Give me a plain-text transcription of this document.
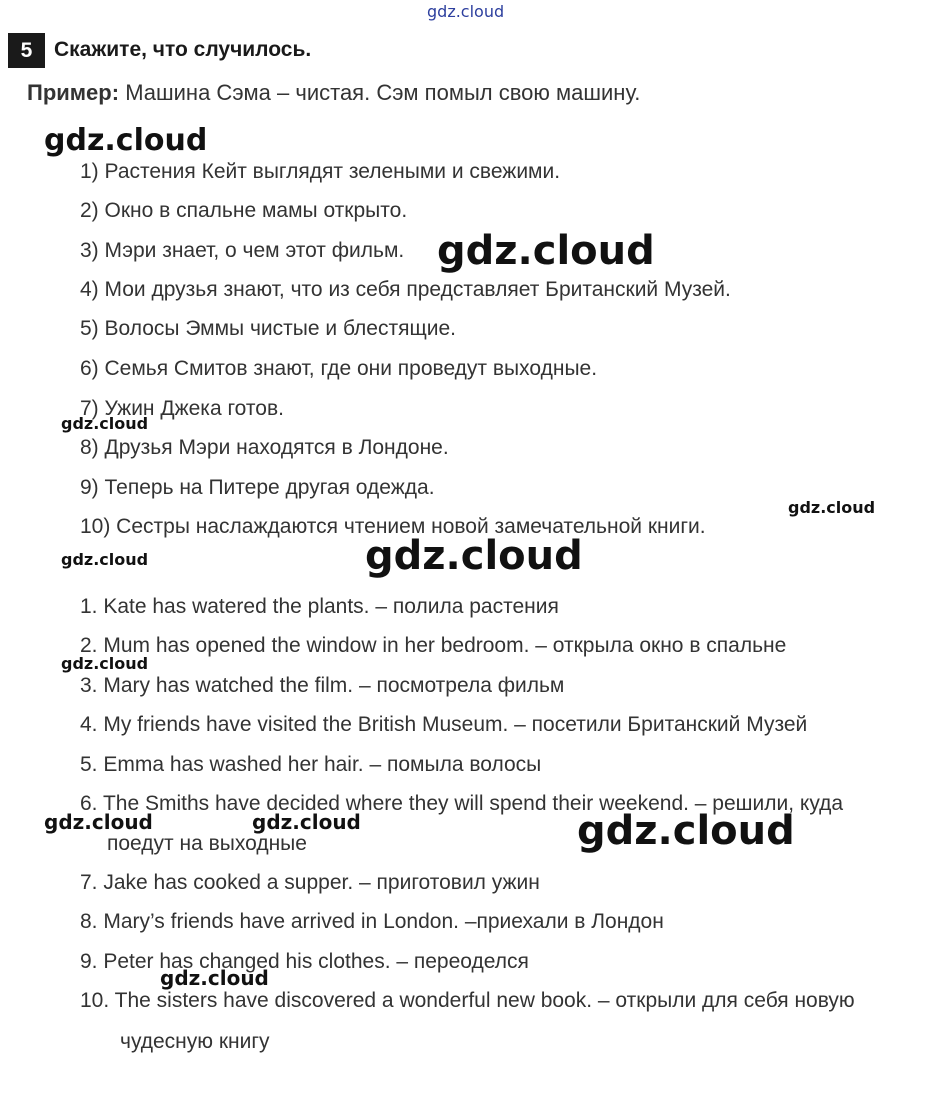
gdz.cloud
5	Скажите, что случилось.
Пример: Машина Сэма – чистая. Сэм помыл свою машину.
1) Растения Кейт выглядят зелеными и свежими.
2) Окно в спальне мамы открыто.
3) Мэри знает, о чем этот фильм.
4) Мои друзья знают, что из себя представляет Британский Музей.
5) Волосы Эммы чистые и блестящие.
6) Семья Смитов знают, где они проведут выходные.
7) Ужин Джека готов.
8) Друзья Мэри находятся в Лондоне.
9) Теперь на Питере другая одежда.
10) Сестры наслаждаются чтением новой замечательной книги.
1. Kate has watered the plants. – полила растения
2. Mum has opened the window in her bedroom. – открыла окно в спальне
3. Mary has watched the film. – посмотрела фильм
4. My friends have visited the British Museum. – посетили Британский Музей
5. Emma has washed her hair. – помыла волосы
6. The Smiths have decided where they will spend their weekend. – решили, куда
поедут на выходные
7. Jake has cooked a supper. – приготовил ужин
8. Mary’s friends have arrived in London. –приехали в Лондон
9. Peter has changed his clothes. – переоделся
10. The sisters have discovered a wonderful new book. – открыли для себя новую
чудесную книгу
gdz.cloud
gdz.cloud
gdz.cloud
gdz.cloud
gdz.cloud	gdz.cloud
gdz.cloud
gdz.cloud	gdz.cloud	gdz.cloud
gdz.cloud
